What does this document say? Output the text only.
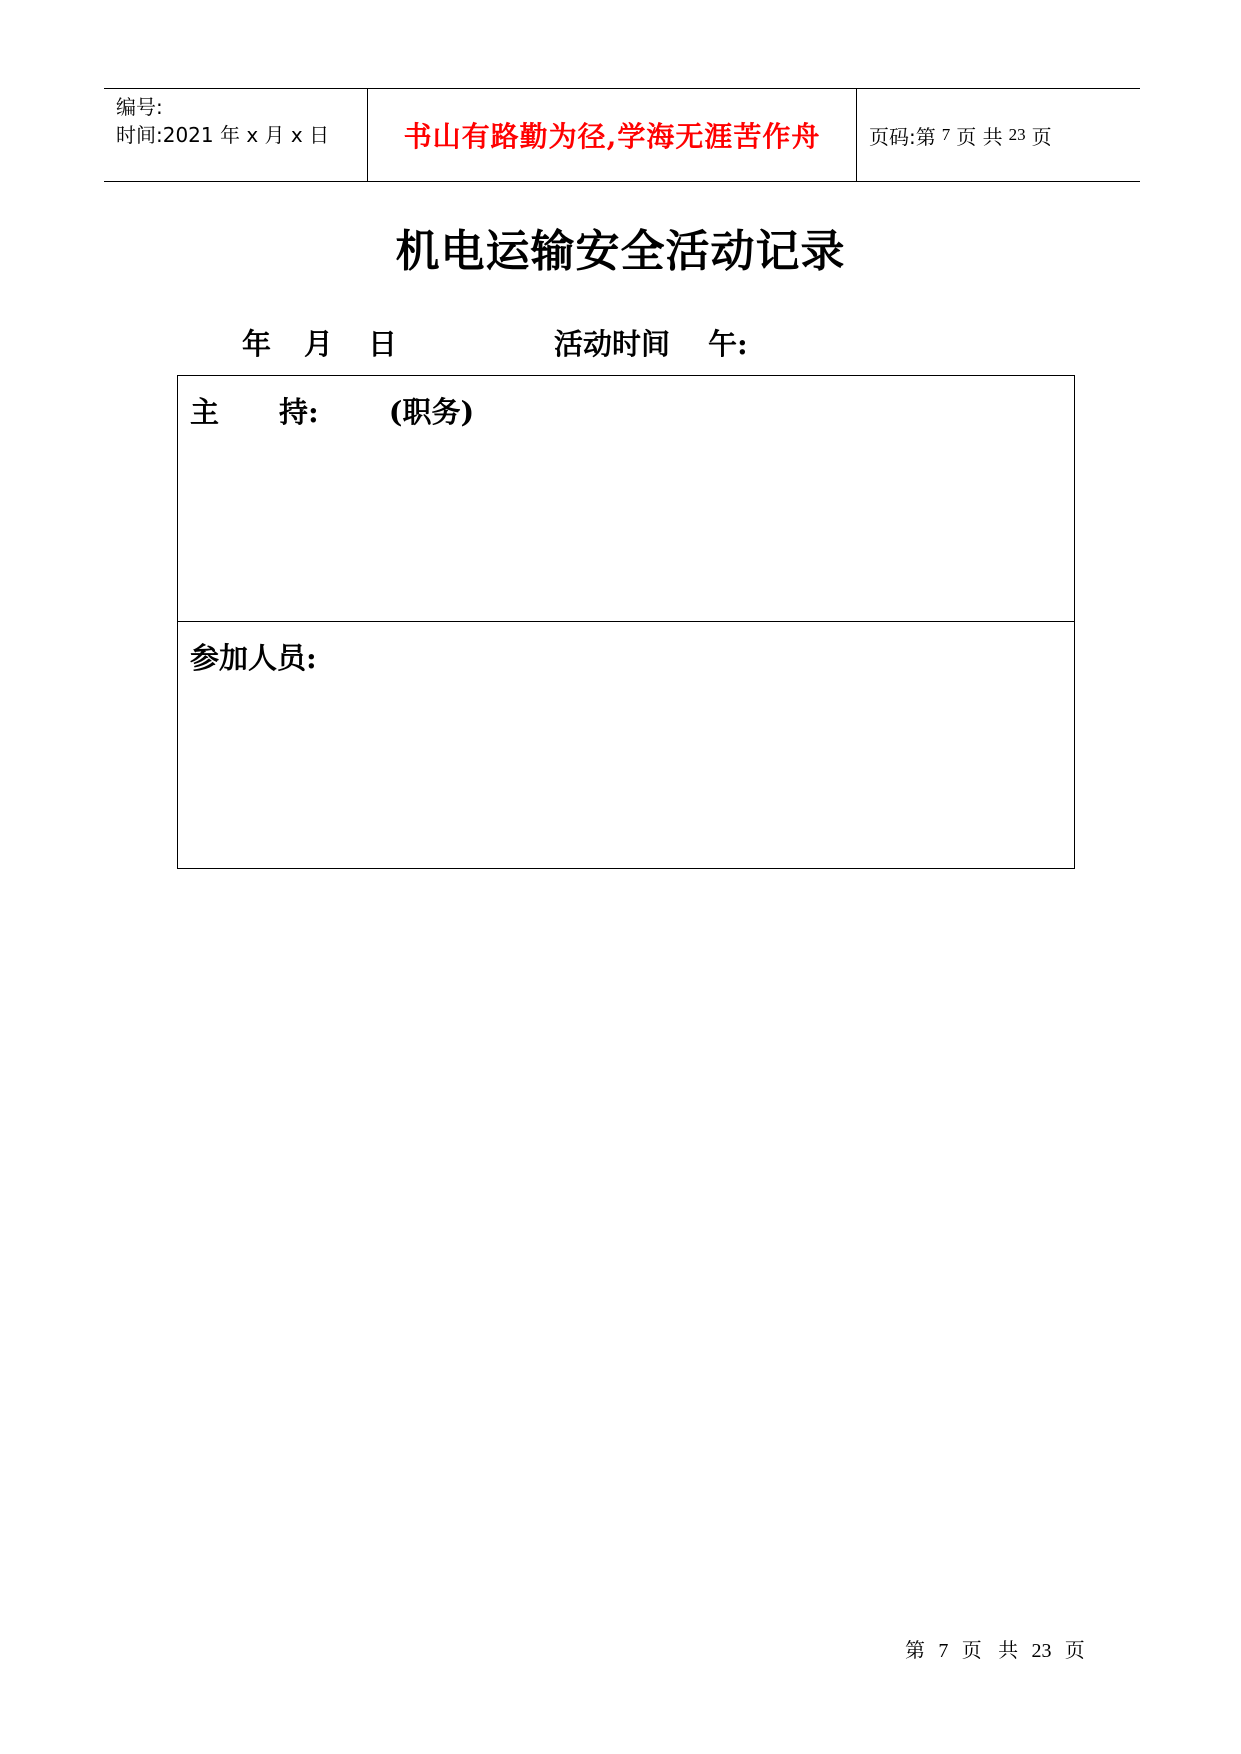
编号:
时间:2021 年 x 月 x 日	书山有路勤为径,学海无涯苦作舟 页码:第 7 页 共 23 页
机电运输安全活动记录
年 月 日	活动时间 午:
主 持: (职务)
参加人员:
第 7 页 共 23 页
